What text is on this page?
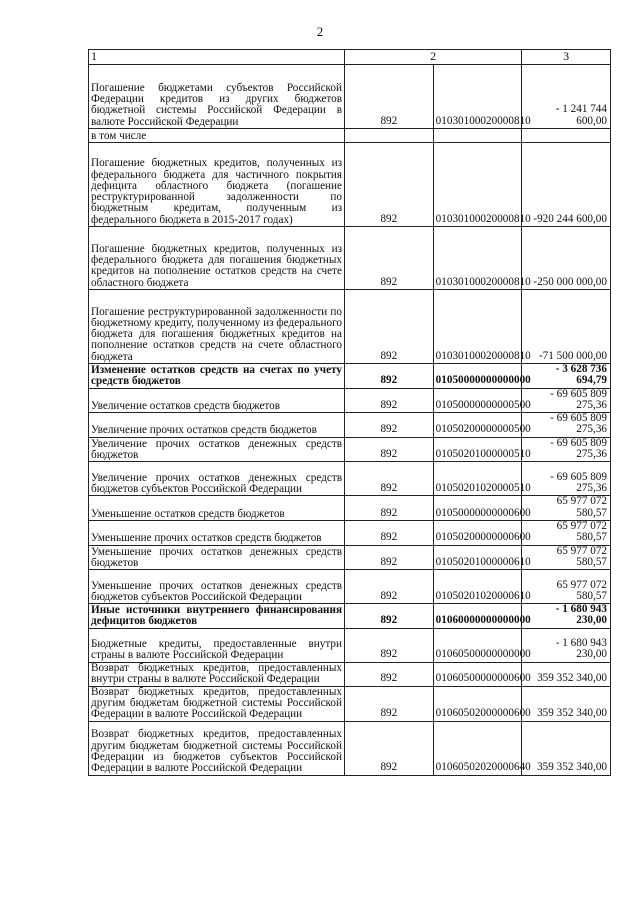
2
1	2		3
Погашение бюджетами субъектов Российской Федерации кредитов из других бюджетов бюджетной системы Российской Федерации в валюте Российской Федерации	892	01030100020000810	- 1 241 744 600,00
в том числе			
Погашение бюджетных кредитов, полученных из федерального бюджета для частичного покрытия дефицита областного бюджета (погашение реструктурированной задолженности по бюджетным кредитам, полученным из федерального бюджета в 2015-2017 годах)	892	01030100020000810	-920 244 600,00
Погашение бюджетных кредитов, полученных из федерального бюджета для погашения бюджетных кредитов на пополнение остатков средств на счете областного бюджета	892	01030100020000810	-250 000 000,00
Погашение реструктурированной задолженности по бюджетному кредиту, полученному из федерального бюджета для погашения бюджетных кредитов на пополнение остатков средств на счете областного бюджета	892	01030100020000810	-71 500 000,00
Изменение остатков средств на счетах по учету средств бюджетов	892	01050000000000000	- 3 628 736 694,79
Увеличение остатков средств бюджетов	892	01050000000000500	- 69 605 809 275,36
Увеличение прочих остатков средств бюджетов	892	01050200000000500	- 69 605 809 275,36
Увеличение прочих остатков денежных средств бюджетов	892	01050201000000510	- 69 605 809 275,36
Увеличение прочих остатков денежных средств бюджетов субъектов Российской Федерации	892	01050201020000510	- 69 605 809 275,36
Уменьшение остатков средств бюджетов	892	01050000000000600	65 977 072 580,57
Уменьшение прочих остатков средств бюджетов	892	01050200000000600	65 977 072 580,57
Уменьшение прочих остатков денежных средств бюджетов	892	01050201000000610	65 977 072 580,57
Уменьшение прочих остатков денежных средств бюджетов субъектов Российской Федерации	892	01050201020000610	65 977 072 580,57
Иные источники внутреннего финансирования дефицитов бюджетов	892	01060000000000000	- 1 680 943 230,00
Бюджетные кредиты, предоставленные внутри страны в валюте Российской Федерации	892	01060500000000000	- 1 680 943 230,00
Возврат бюджетных кредитов, предоставленных внутри страны в валюте Российской Федерации	892	01060500000000600	359 352 340,00
Возврат бюджетных кредитов, предоставленных другим бюджетам бюджетной системы Российской Федерации в валюте Российской Федерации	892	01060502000000600	359 352 340,00
Возврат бюджетных кредитов, предоставленных другим бюджетам бюджетной системы Российской Федерации из бюджетов субъектов Российской Федерации в валюте Российской Федерации	892	01060502020000640	359 352 340,00
